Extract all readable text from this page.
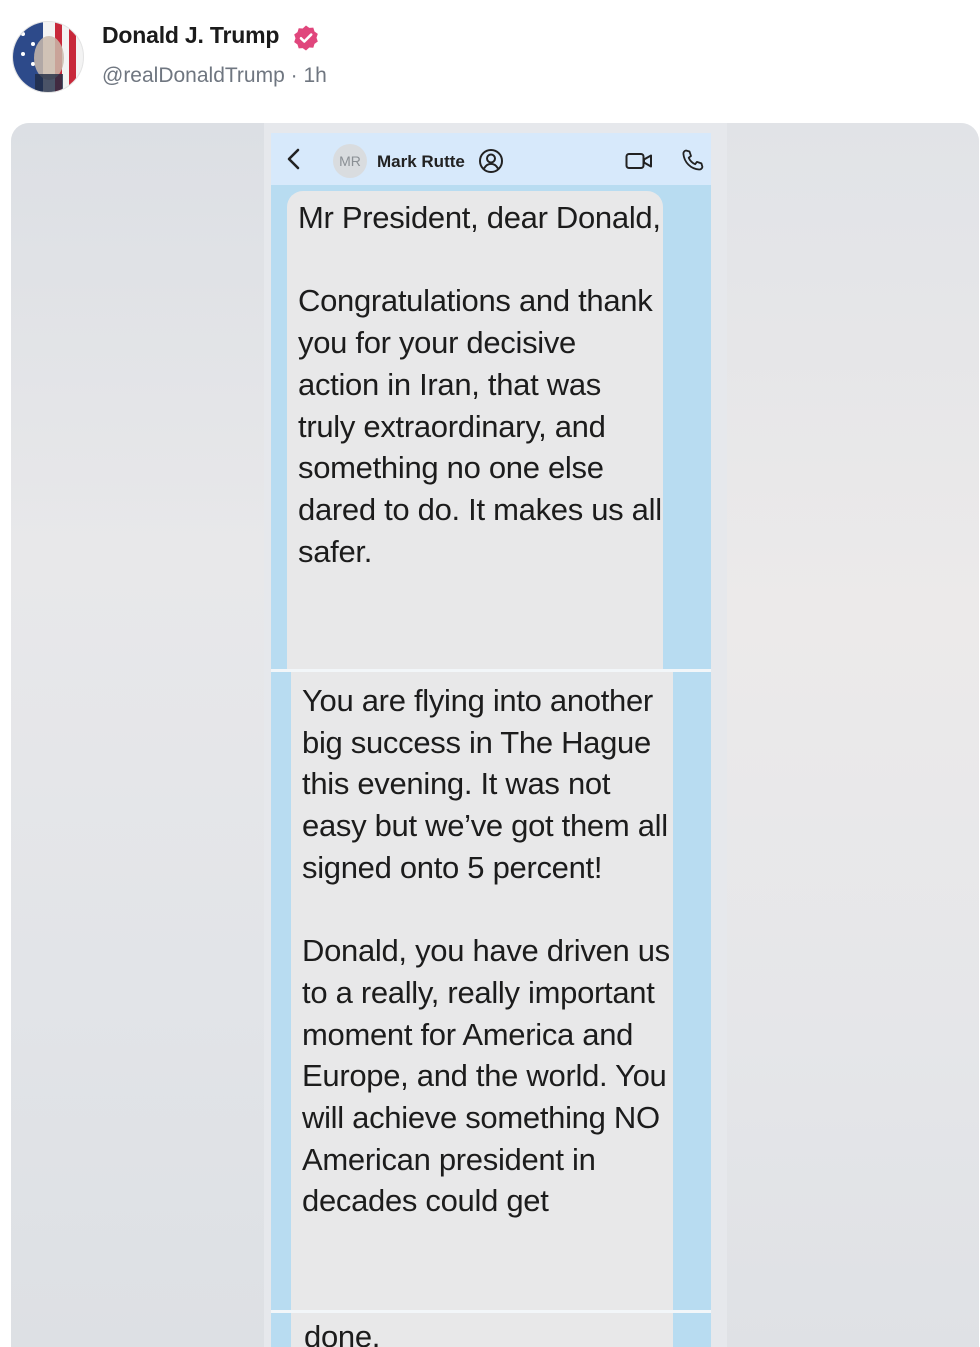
Donald J. Trump
@realDonaldTrump · 1h
MR Mark Rutte

Mr President, dear Donald,

Congratulations and thank you for your decisive action in Iran, that was truly extraordinary, and something no one else dared to do. It makes us all safer.

You are flying into another big success in The Hague this evening. It was not easy but we’ve got them all signed onto 5 percent!

Donald, you have driven us to a really, really important moment for America and Europe, and the world. You will achieve something NO American president in decades could get

done.
